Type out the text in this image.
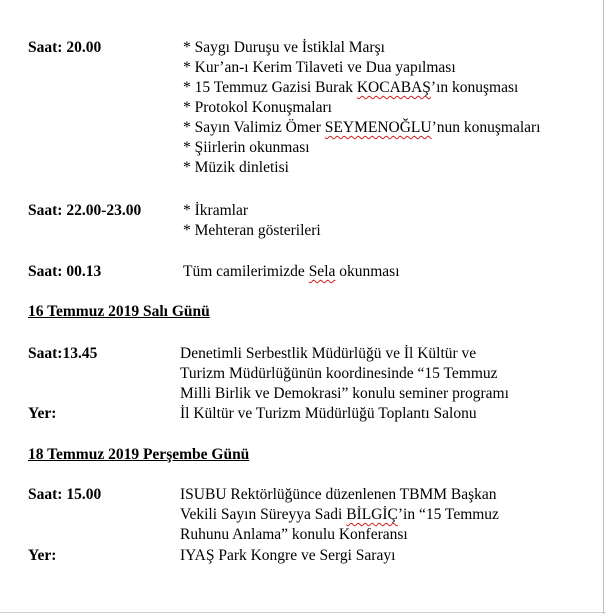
Saat: 20.00	* Saygı Duruşu ve İstiklal Marşı
* Kur’an-ı Kerim Tilaveti ve Dua yapılması
* 15 Temmuz Gazisi Burak KOCABAŞ’ın konuşması
* Protokol Konuşmaları
* Sayın Valimiz Ömer SEYMENOĞLU’nun konuşmaları
* Şiirlerin okunması
* Müzik dinletisi
Saat: 22.00-23.00	* İkramlar
* Mehteran gösterileri
Saat: 00.13	Tüm camilerimizde Sela okunması
16 Temmuz 2019 Salı Günü
Saat:13.45	Denetimli Serbestlik Müdürlüğü ve İl Kültür ve
Turizm Müdürlüğünün koordinesinde “15 Temmuz
Milli Birlik ve Demokrasi” konulu seminer programı
Yer:	İl Kültür ve Turizm Müdürlüğü Toplantı Salonu
18 Temmuz 2019 Perşembe Günü
Saat: 15.00	ISUBU Rektörlüğünce düzenlenen TBMM Başkan
Vekili Sayın Süreyya Sadi BİLGİÇ’in “15 Temmuz
Ruhunu Anlama” konulu Konferansı
Yer:	IYAŞ Park Kongre ve Sergi Sarayı
